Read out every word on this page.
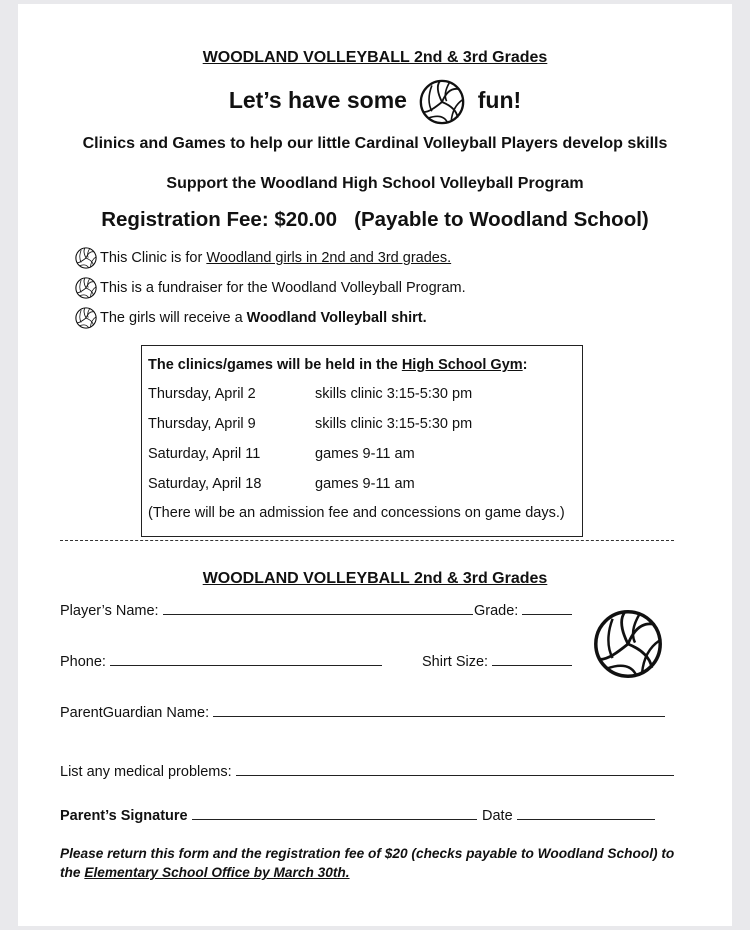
WOODLAND VOLLEYBALL 2nd & 3rd Grades
Let’s have some	fun!
Clinics and Games to help our little Cardinal Volleyball Players develop skills
Support the Woodland High School Volleyball Program
Registration Fee: $20.00   (Payable to Woodland School)
This Clinic is for Woodland girls in 2nd and 3rd grades.
This is a fundraiser for the Woodland Volleyball Program.
The girls will receive a Woodland Volleyball shirt.
The clinics/games will be held in the High School Gym:
Thursday, April 2	skills clinic 3:15-5:30 pm
Thursday, April 9	skills clinic 3:15-5:30 pm
Saturday, April 11	games 9-11 am
Saturday, April 18	games 9-11 am
(There will be an admission fee and concessions on game days.)
WOODLAND VOLLEYBALL 2nd & 3rd Grades
Player’s Name:	Grade:
Phone:	Shirt Size:
ParentGuardian Name:
List any medical problems:
Parent’s Signature	Date
Please return this form and the registration fee of $20 (checks payable to Woodland School) to
the Elementary School Office by March 30th.
